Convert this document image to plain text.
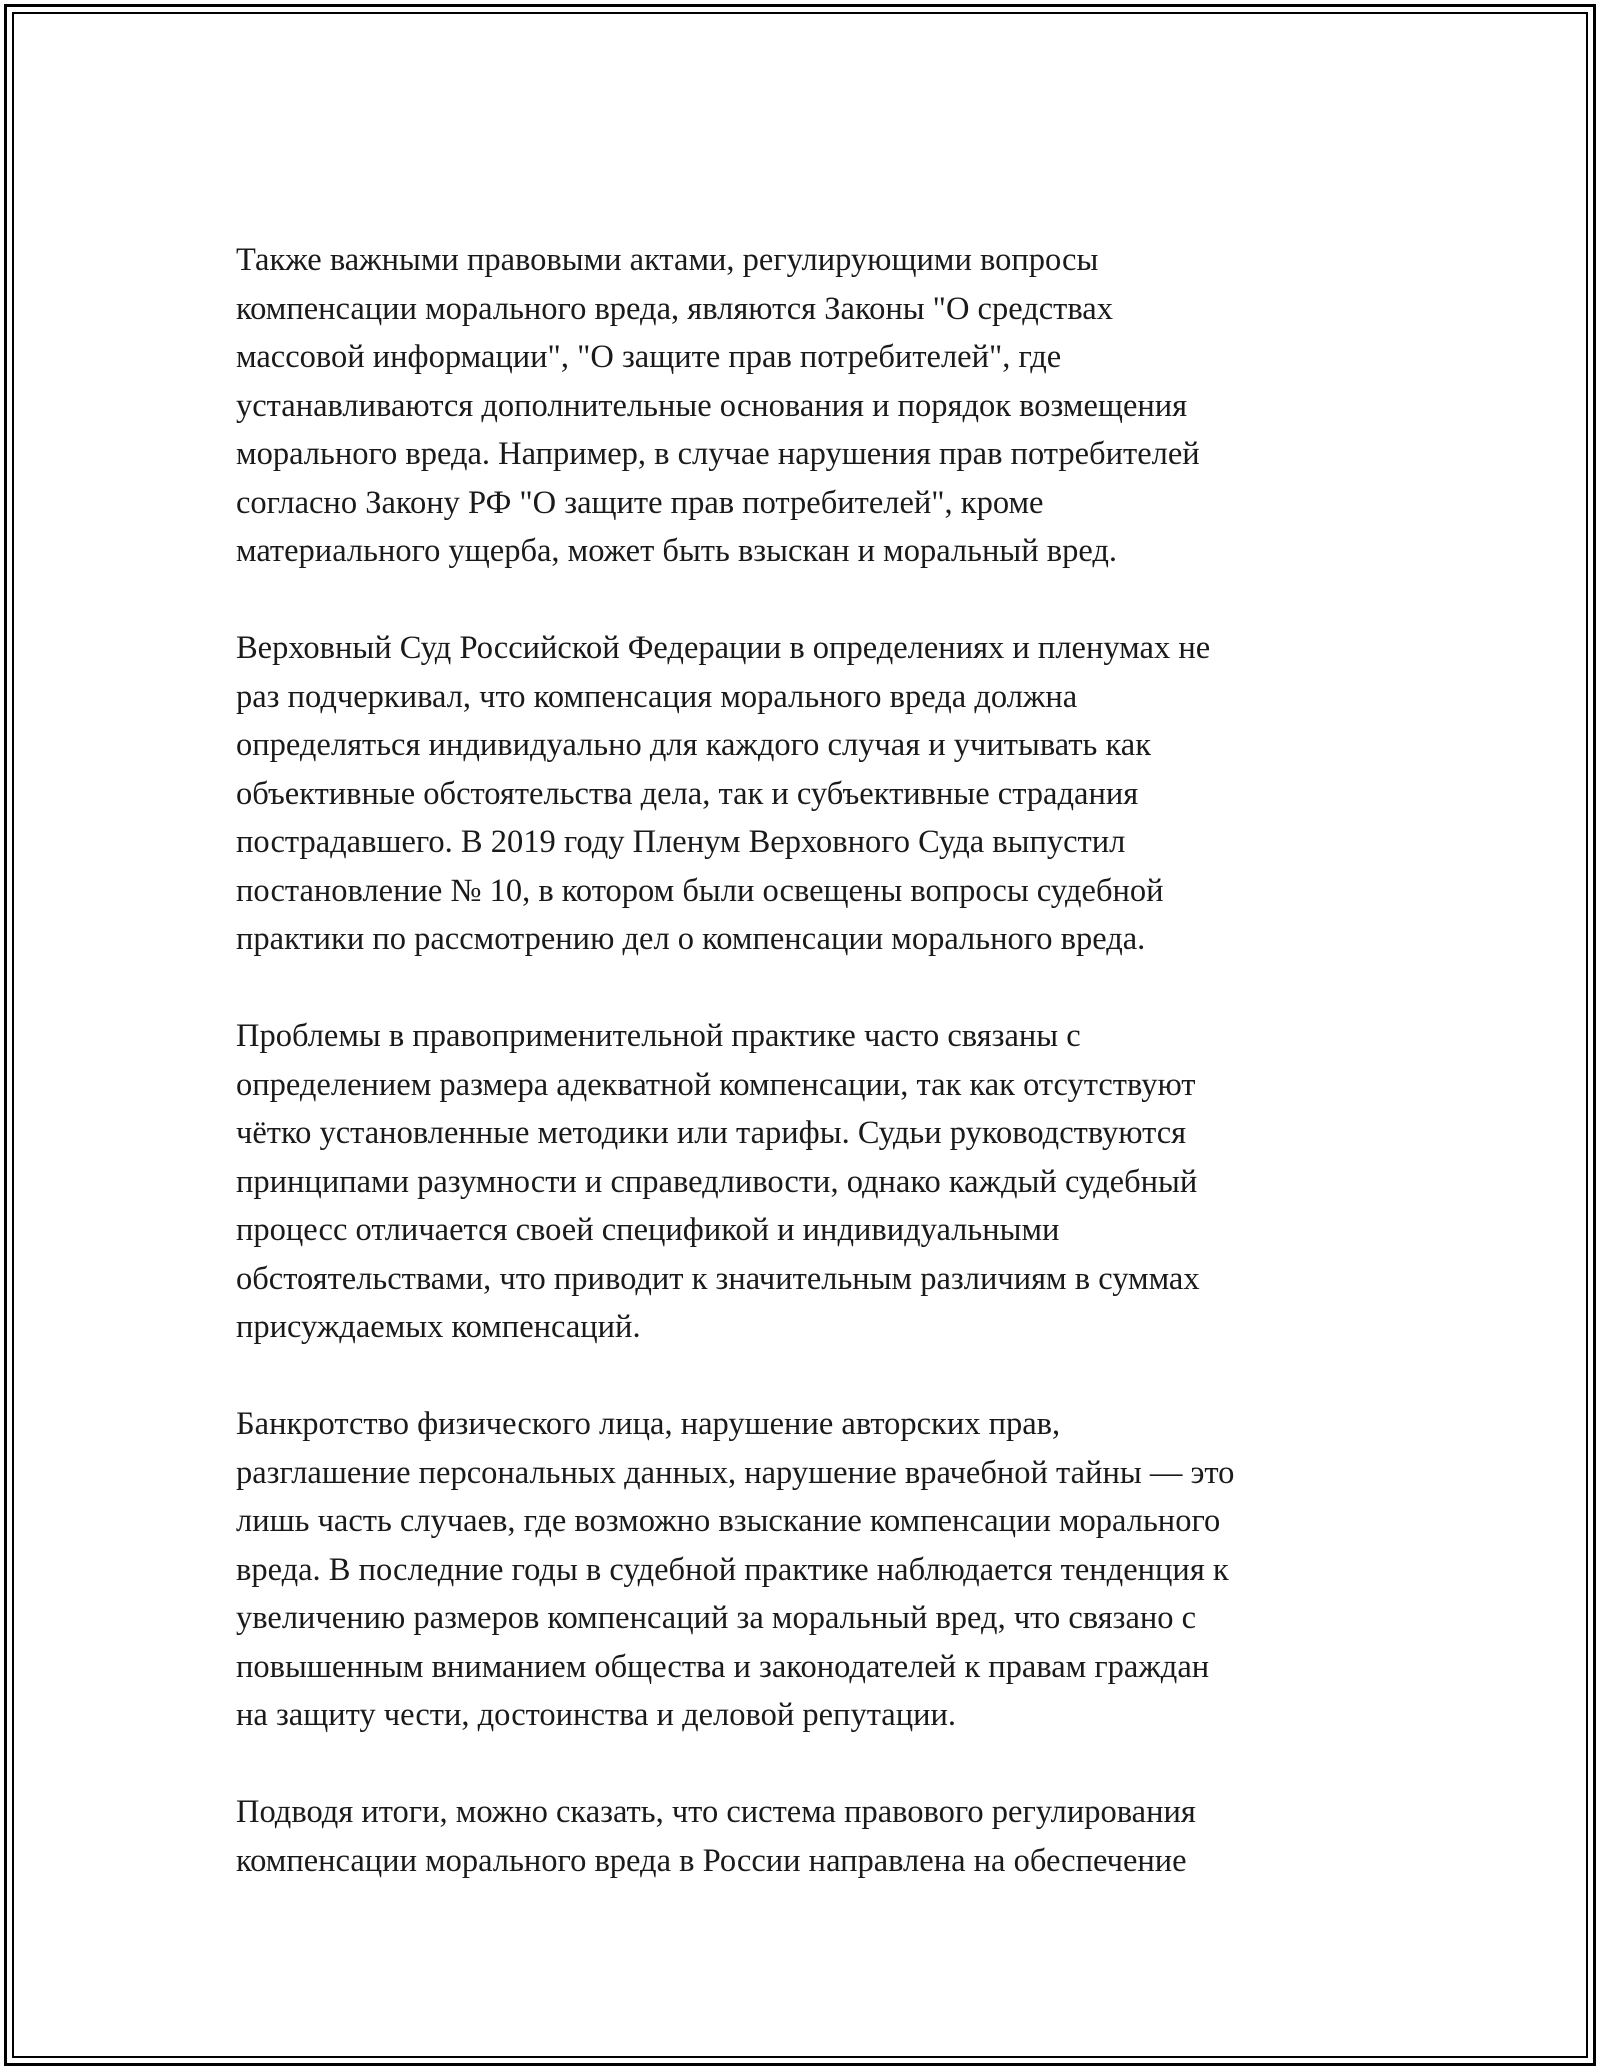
Также важными правовыми актами, регулирующими вопросы
компенсации морального вреда, являются Законы "О средствах
массовой информации", "О защите прав потребителей", где
устанавливаются дополнительные основания и порядок возмещения
морального вреда. Например, в случае нарушения прав потребителей
согласно Закону РФ "О защите прав потребителей", кроме
материального ущерба, может быть взыскан и моральный вред.

Верховный Суд Российской Федерации в определениях и пленумах не
раз подчеркивал, что компенсация морального вреда должна
определяться индивидуально для каждого случая и учитывать как
объективные обстоятельства дела, так и субъективные страдания
пострадавшего. В 2019 году Пленум Верховного Суда выпустил
постановление № 10, в котором были освещены вопросы судебной
практики по рассмотрению дел о компенсации морального вреда.

Проблемы в правоприменительной практике часто связаны с
определением размера адекватной компенсации, так как отсутствуют
чётко установленные методики или тарифы. Судьи руководствуются
принципами разумности и справедливости, однако каждый судебный
процесс отличается своей спецификой и индивидуальными
обстоятельствами, что приводит к значительным различиям в суммах
присуждаемых компенсаций.

Банкротство физического лица, нарушение авторских прав,
разглашение персональных данных, нарушение врачебной тайны — это
лишь часть случаев, где возможно взыскание компенсации морального
вреда. В последние годы в судебной практике наблюдается тенденция к
увеличению размеров компенсаций за моральный вред, что связано с
повышенным вниманием общества и законодателей к правам граждан
на защиту чести, достоинства и деловой репутации.

Подводя итоги, можно сказать, что система правового регулирования
компенсации морального вреда в России направлена на обеспечение
